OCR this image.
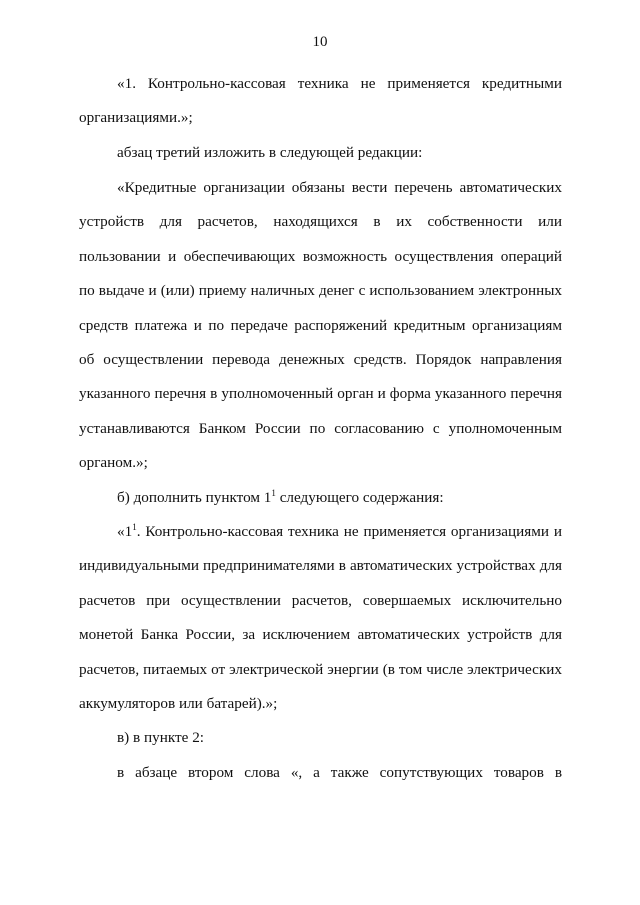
10

«1. Контрольно-кассовая техника не применяется кредитными организациями.»;

абзац третий изложить в следующей редакции:

«Кредитные организации обязаны вести перечень автоматических устройств для расчетов, находящихся в их собственности или пользовании и обеспечивающих возможность осуществления операций по выдаче и (или) приему наличных денег с использованием электронных средств платежа и по передаче распоряжений кредитным организациям об осуществлении перевода денежных средств. Порядок направления указанного перечня в уполномоченный орган и форма указанного перечня устанавливаются Банком России по согласованию с уполномоченным органом.»;

б) дополнить пунктом $1^1$ следующего содержания:

«$1^1$. Контрольно-кассовая техника не применяется организациями и индивидуальными предпринимателями в автоматических устройствах для расчетов при осуществлении расчетов, совершаемых исключительно монетой Банка России, за исключением автоматических устройств для расчетов, питаемых от электрической энергии (в том числе электрических аккумуляторов или батарей).»;

в) в пункте 2:

в абзаце втором слова «, а также сопутствующих товаров в
